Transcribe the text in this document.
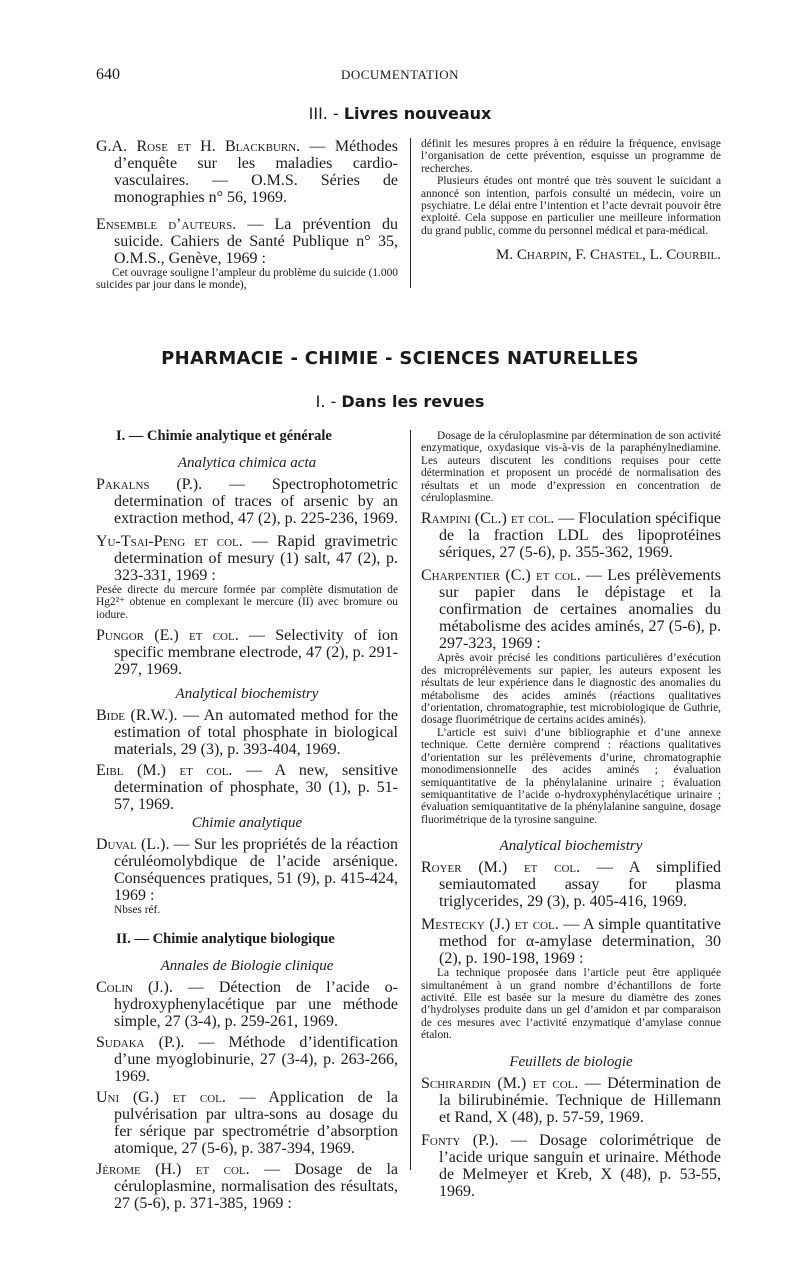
640	DOCUMENTATION
III. - Livres nouveaux

G.A. Rose et H. Blackburn. — Méthodes d’enquête sur les maladies cardio-vasculaires. — O.M.S. Séries de monographies n° 56, 1969.

Ensemble d’auteurs. — La prévention du suicide. Cahiers de Santé Publique n° 35, O.M.S., Genève, 1969 :

Cet ouvrage souligne l’ampleur du problème du suicide (1.000 suicides par jour dans le monde),

définit les mesures propres à en réduire la fréquence, envisage l’organisation de cette prévention, esquisse un programme de recherches.

Plusieurs études ont montré que très souvent le suicidant a annoncé son intention, parfois consulté un médecin, voire un psychiatre. Le délai entre l’intention et l’acte devrait pouvoir être exploité. Cela suppose en particulier une meilleure information du grand public, comme du personnel médical et para-médical.

M. Charpin, F. Chastel, L. Courbil.
PHARMACIE - CHIMIE - SCIENCES NATURELLES
I. - Dans les revues
I. — Chimie analytique et générale
Analytica chimica acta

Pakalns (P.). — Spectrophotometric determination of traces of arsenic by an extraction method, 47 (2), p. 225-236, 1969.

Yu-Tsai-Peng et col. — Rapid gravimetric determination of mesury (1) salt, 47 (2), p. 323-331, 1969 :

Pesée directe du mercure formée par complète dismutation de Hg2²⁺ obtenue en complexant le mercure (II) avec bromure ou iodure.

Pungor (E.) et col. — Selectivity of ion specific membrane electrode, 47 (2), p. 291-297, 1969.

Analytical biochemistry

Bide (R.W.). — An automated method for the estimation of total phosphate in biological materials, 29 (3), p. 393-404, 1969.

Eibl (M.) et col. — A new, sensitive determination of phosphate, 30 (1), p. 51-57, 1969.

Chimie analytique

Duval (L.). — Sur les propriétés de la réaction céruléomolybdique de l’acide arsénique. Conséquences pratiques, 51 (9), p. 415-424, 1969 :

Nbses réf.

II. — Chimie analytique biologique
Annales de Biologie clinique

Colin (J.). — Détection de l’acide o-hydroxyphenylacétique par une méthode simple, 27 (3-4), p. 259-261, 1969.

Sudaka (P.). — Méthode d’identification d’une myoglobinurie, 27 (3-4), p. 263-266, 1969.

Uni (G.) et col. — Application de la pulvérisation par ultra-sons au dosage du fer sérique par spectrométrie d’absorption atomique, 27 (5-6), p. 387-394, 1969.

Jérome (H.) et col. — Dosage de la céruloplasmine, normalisation des résultats, 27 (5-6), p. 371-385, 1969 :

Dosage de la céruloplasmine par détermination de son activité enzymatique, oxydasique vis-à-vis de la paraphénylnediamine. Les auteurs discutent les conditions requises pour cette détermination et proposent un procédé de normalisation des résultats et un mode d’expression en concentration de céruloplasmine.

Rampini (Cl.) et col. — Floculation spécifique de la fraction LDL des lipoprotéines sériques, 27 (5-6), p. 355-362, 1969.

Charpentier (C.) et col. — Les prélèvements sur papier dans le dépistage et la confirmation de certaines anomalies du métabolisme des acides aminés, 27 (5-6), p. 297-323, 1969 :

Après avoir précisé les conditions particulières d’exécution des microprélèvements sur papier, les auteurs exposent les résultats de leur expérience dans le diagnostic des anomalies du métabolisme des acides aminés (réactions qualitatives d’orientation, chromatographie, test microbiologique de Guthrie, dosage fluorimétrique de certains acides aminés).

L’article est suivi d’une bibliographie et d’une annexe technique. Cette dernière comprend : réactions qualitatives d’orientation sur les prélèvements d’urine, chromatographie monodimensionnelle des acides aminés ; évaluation semiquantitative de la phénylalanine urinaire ; évaluation semiquantitative de l’acide o-hydroxyphénylacétique urinaire ; évaluation semiquantitative de la phénylalanine sanguine, dosage fluorimétrique de la tyrosine sanguine.

Analytical biochemistry

Royer (M.) et col. — A simplified semiautomated assay for plasma triglycerides, 29 (3), p. 405-416, 1969.

Mestecky (J.) et col. — A simple quantitative method for α-amylase determination, 30 (2), p. 190-198, 1969 :

La technique proposée dans l’article peut être appliquée simultanément à un grand nombre d’échantillons de forte activité. Elle est basée sur la mesure du diamètre des zones d’hydrolyses produite dans un gel d’amidon et par comparaison de ces mesures avec l’activité enzymatique d’amylase connue étalon.

Feuillets de biologie

Schirardin (M.) et col. — Détermination de la bilirubinémie. Technique de Hillemann et Rand, X (48), p. 57-59, 1969.

Fonty (P.). — Dosage colorimétrique de l’acide urique sanguin et urinaire. Méthode de Melmeyer et Kreb, X (48), p. 53-55, 1969.
